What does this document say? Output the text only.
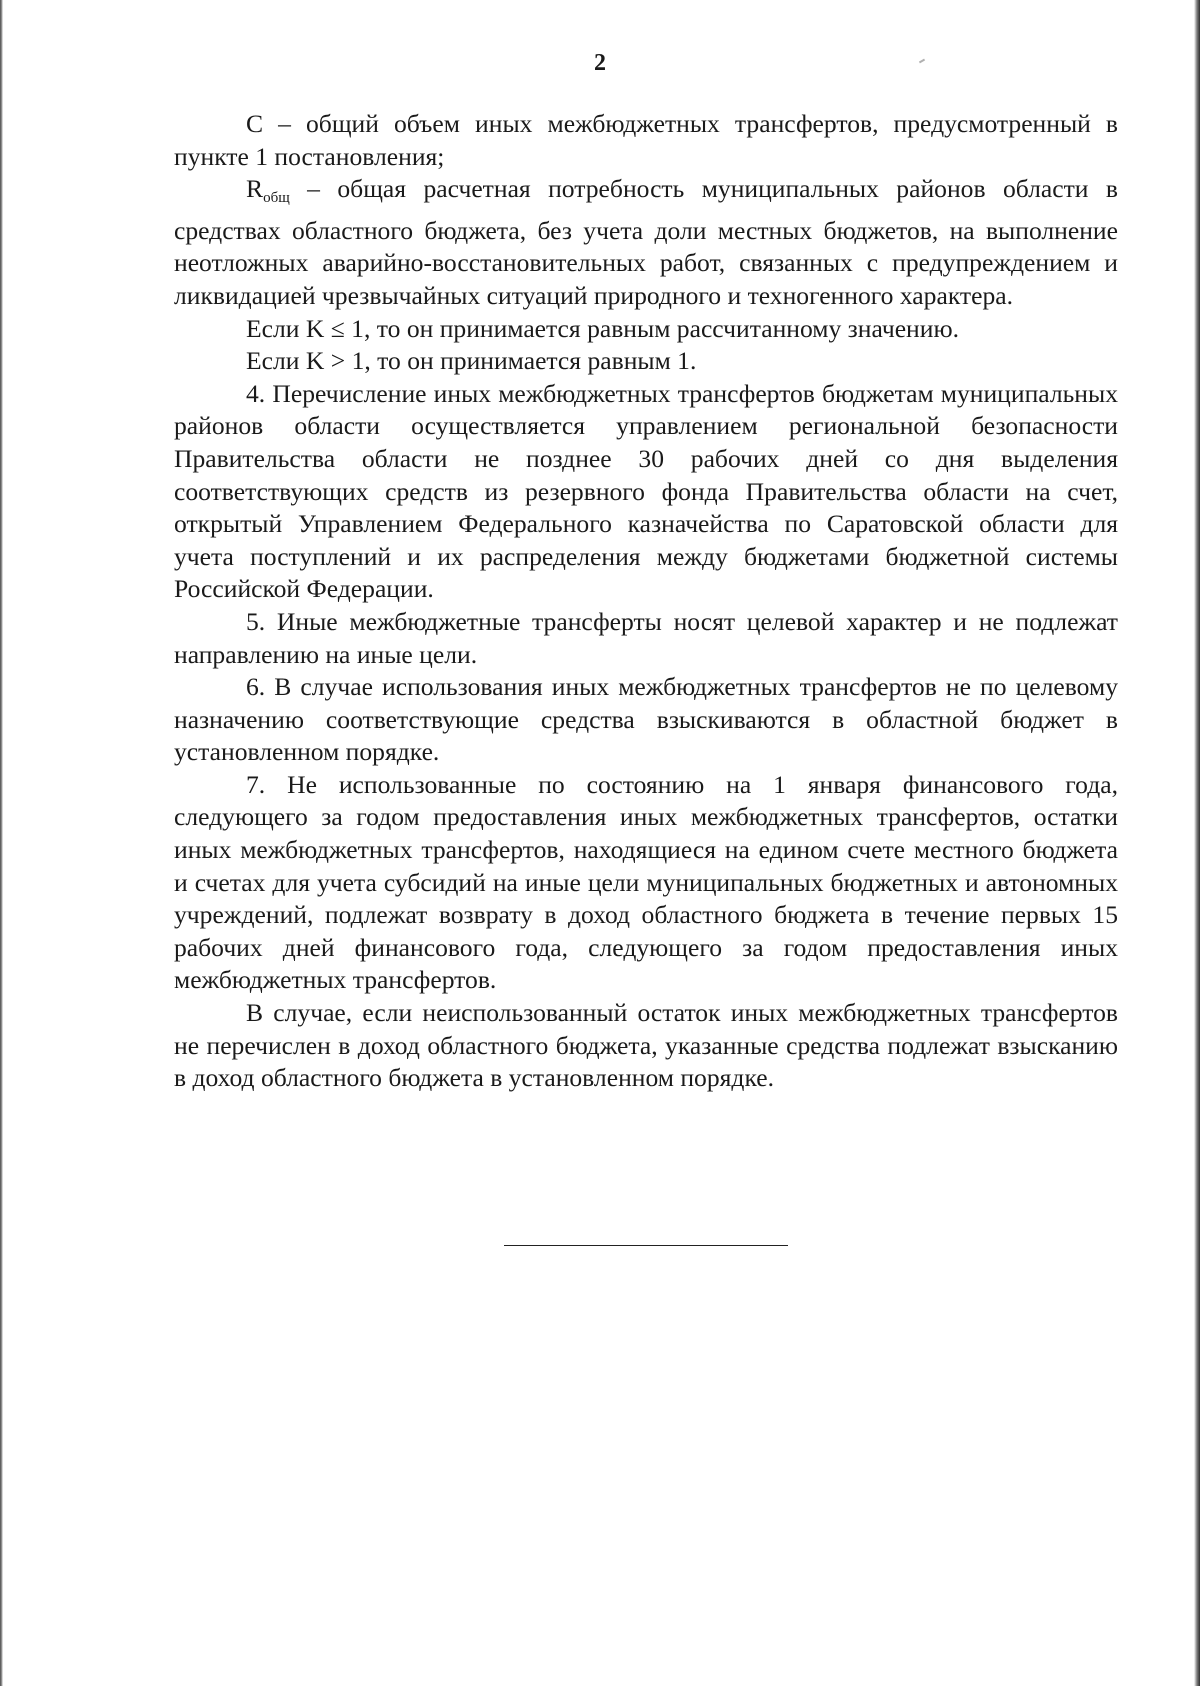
2

C – общий объем иных межбюджетных трансфертов, предусмотренный в пункте 1 постановления;

$R_{общ}$ – общая расчетная потребность муниципальных районов области в средствах областного бюджета, без учета доли местных бюджетов, на выполнение неотложных аварийно-восстановительных работ, связанных с предупреждением и ликвидацией чрезвычайных ситуаций природного и техногенного характера.

Если K ≤ 1, то он принимается равным рассчитанному значению.

Если K > 1, то он принимается равным 1.

4. Перечисление иных межбюджетных трансфертов бюджетам муниципальных районов области осуществляется управлением региональной безопасности Правительства области не позднее 30 рабочих дней со дня выделения соответствующих средств из резервного фонда Правительства области на счет, открытый Управлением Федерального казначейства по Саратовской области для учета поступлений и их распределения между бюджетами бюджетной системы Российской Федерации.

5. Иные межбюджетные трансферты носят целевой характер и не подлежат направлению на иные цели.

6. В случае использования иных межбюджетных трансфертов не по целевому назначению соответствующие средства взыскиваются в областной бюджет в установленном порядке.

7. Не использованные по состоянию на 1 января финансового года, следующего за годом предоставления иных межбюджетных трансфертов, остатки иных межбюджетных трансфертов, находящиеся на едином счете местного бюджета и счетах для учета субсидий на иные цели муниципальных бюджетных и автономных учреждений, подлежат возврату в доход областного бюджета в течение первых 15 рабочих дней финансового года, следующего за годом предоставления иных межбюджетных трансфертов.

В случае, если неиспользованный остаток иных межбюджетных трансфертов не перечислен в доход областного бюджета, указанные средства подлежат взысканию в доход областного бюджета в установленном порядке.
